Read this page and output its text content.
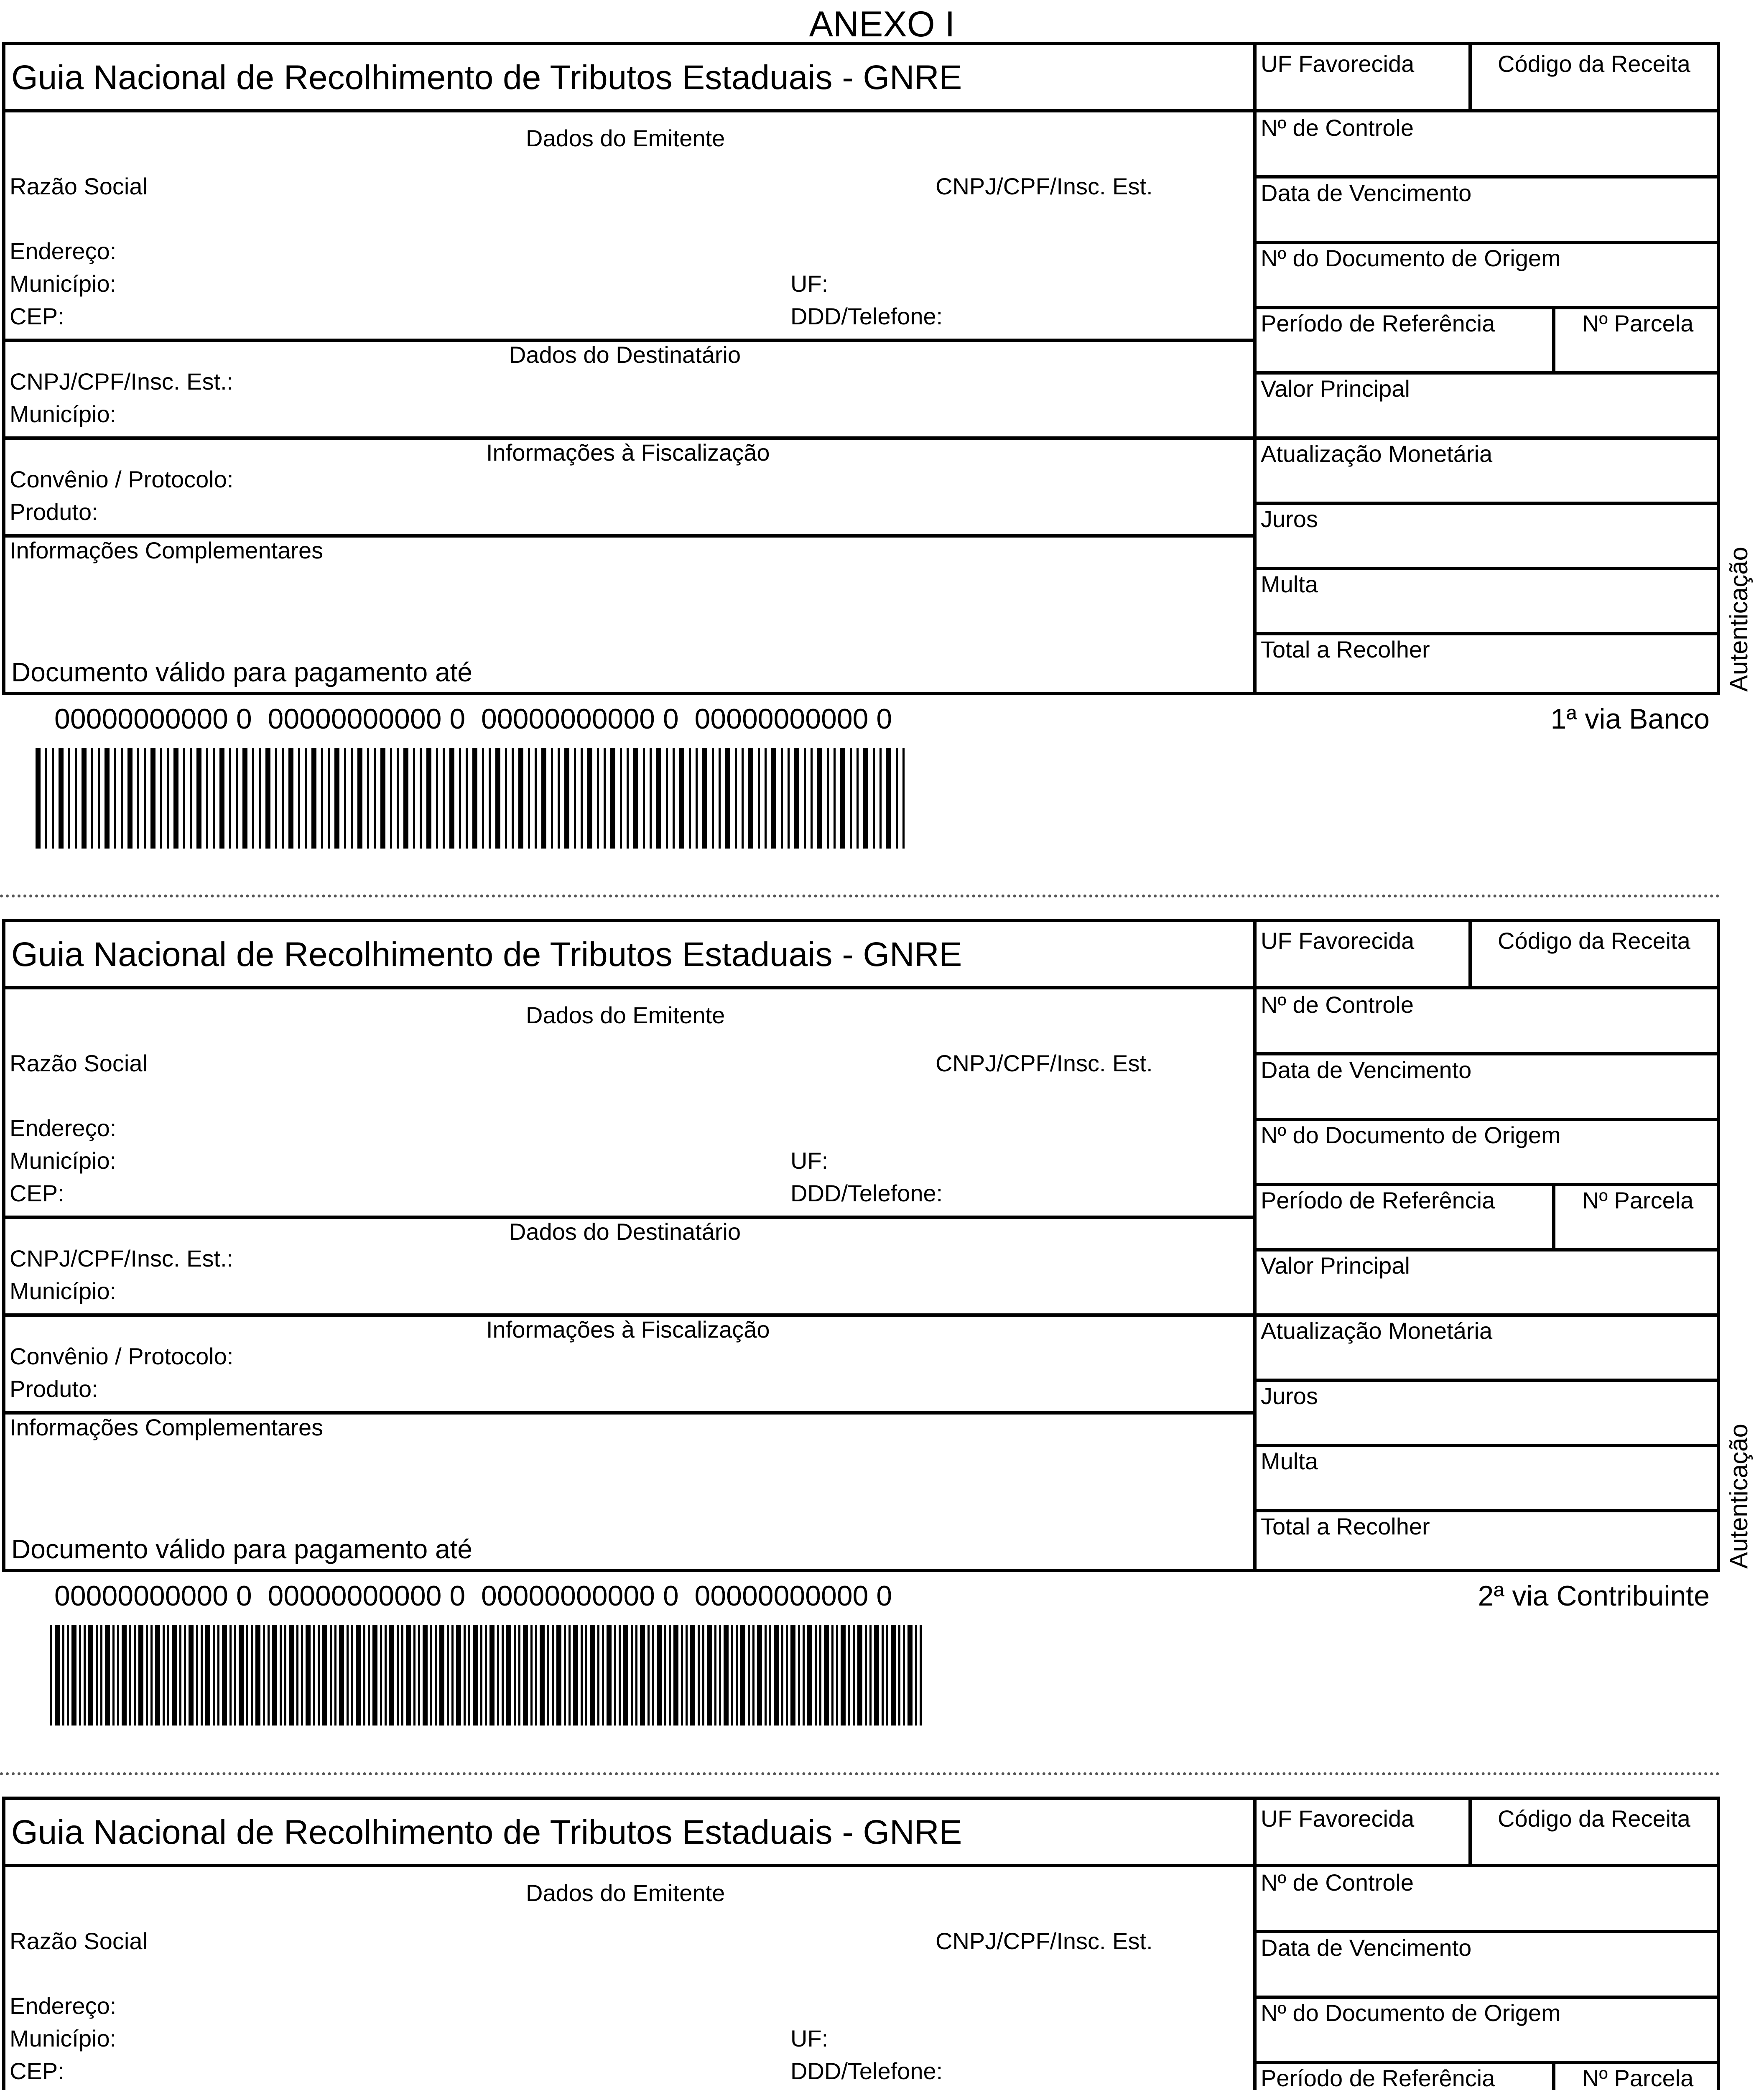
ANEXO I
Guia Nacional de Recolhimento de Tributos Estaduais - GNRE
Dados do Emitente
Razão Social	CNPJ/CPF/Insc. Est.
Endereço:
Município:	UF:
CEP:	DDD/Telefone:
Dados do Destinatário
CNPJ/CPF/Insc. Est.:
Município:
Informações à Fiscalização
Convênio / Protocolo:
Produto:
Informações Complementares
Documento válido para pagamento até
UF Favorecida	Código da Receita
Nº de Controle
Data de Vencimento
Nº do Documento de Origem
Período de Referência	Nº Parcela
Valor Principal
Atualização Monetária
Juros
Multa
Total a Recolher	Autenticação
00000000000 0  00000000000 0  00000000000 0  00000000000 0	1ª via Banco
Guia Nacional de Recolhimento de Tributos Estaduais - GNRE
Dados do Emitente
Razão Social	CNPJ/CPF/Insc. Est.
Endereço:
Município:	UF:
CEP:	DDD/Telefone:
Dados do Destinatário
CNPJ/CPF/Insc. Est.:
Município:
Informações à Fiscalização
Convênio / Protocolo:
Produto:
Informações Complementares
Documento válido para pagamento até
UF Favorecida	Código da Receita
Nº de Controle
Data de Vencimento
Nº do Documento de Origem
Período de Referência	Nº Parcela
Valor Principal
Atualização Monetária
Juros
Multa
Total a Recolher	Autenticação
00000000000 0  00000000000 0  00000000000 0  00000000000 0	2ª via Contribuinte
Guia Nacional de Recolhimento de Tributos Estaduais - GNRE
Dados do Emitente
Razão Social	CNPJ/CPF/Insc. Est.
Endereço:
Município:	UF:
CEP:	DDD/Telefone:
UF Favorecida	Código da Receita
Nº de Controle
Data de Vencimento
Nº do Documento de Origem
Período de Referência	Nº Parcela
